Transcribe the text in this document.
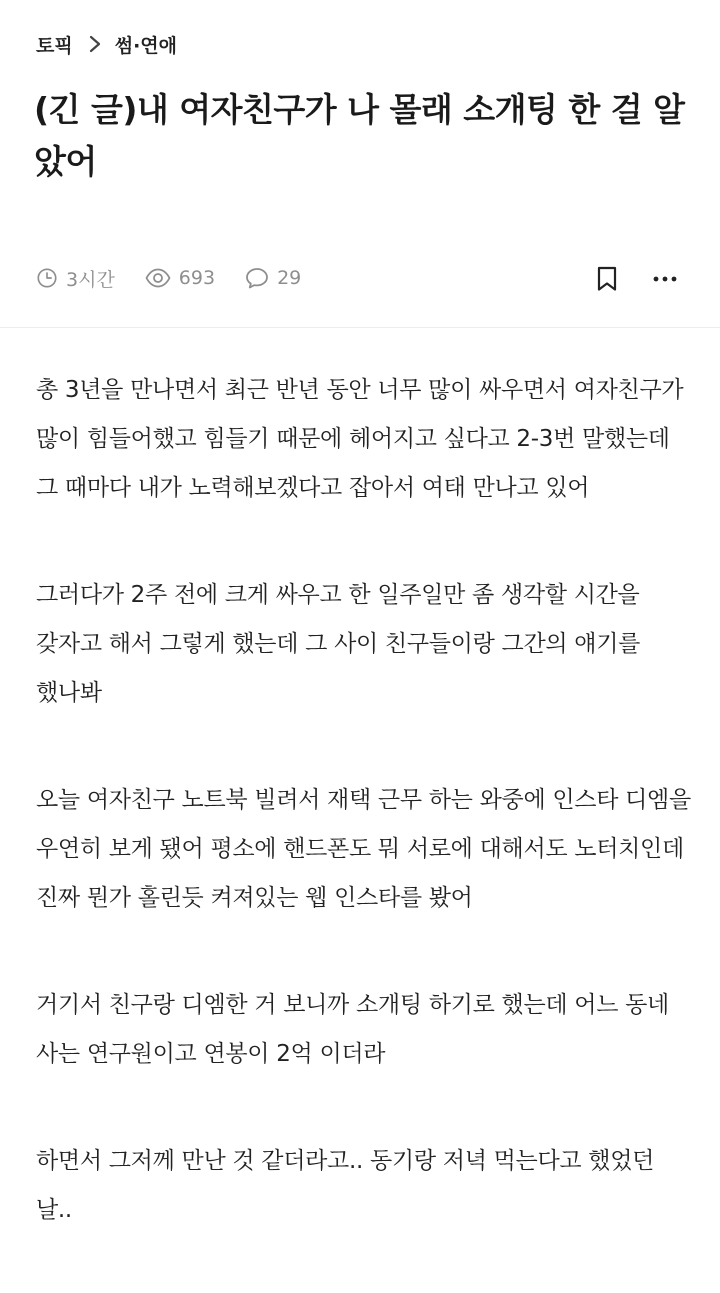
토픽 썸·연애
(긴 글)내 여자친구가 나 몰래 소개팅 한 걸 알았어
3시간	693	29

총 3년을 만나면서 최근 반년 동안 너무 많이 싸우면서 여자친구가 많이 힘들어했고 힘들기 때문에 헤어지고 싶다고 2-3번 말했는데 그 때마다 내가 노력해보겠다고 잡아서 여태 만나고 있어

그러다가 2주 전에 크게 싸우고 한 일주일만 좀 생각할 시간을 갖자고 해서 그렇게 했는데 그 사이 친구들이랑 그간의 얘기를 했나봐

오늘 여자친구 노트북 빌려서 재택 근무 하는 와중에 인스타 디엠을 우연히 보게 됐어 평소에 핸드폰도 뭐 서로에 대해서도 노터치인데 진짜 뭔가 홀린듯 켜져있는 웹 인스타를 봤어

거기서 친구랑 디엠한 거 보니까 소개팅 하기로 했는데 어느 동네 사는 연구원이고 연봉이 2억 이더라

하면서 그저께 만난 것 같더라고.. 동기랑 저녁 먹는다고 했었던 날..
